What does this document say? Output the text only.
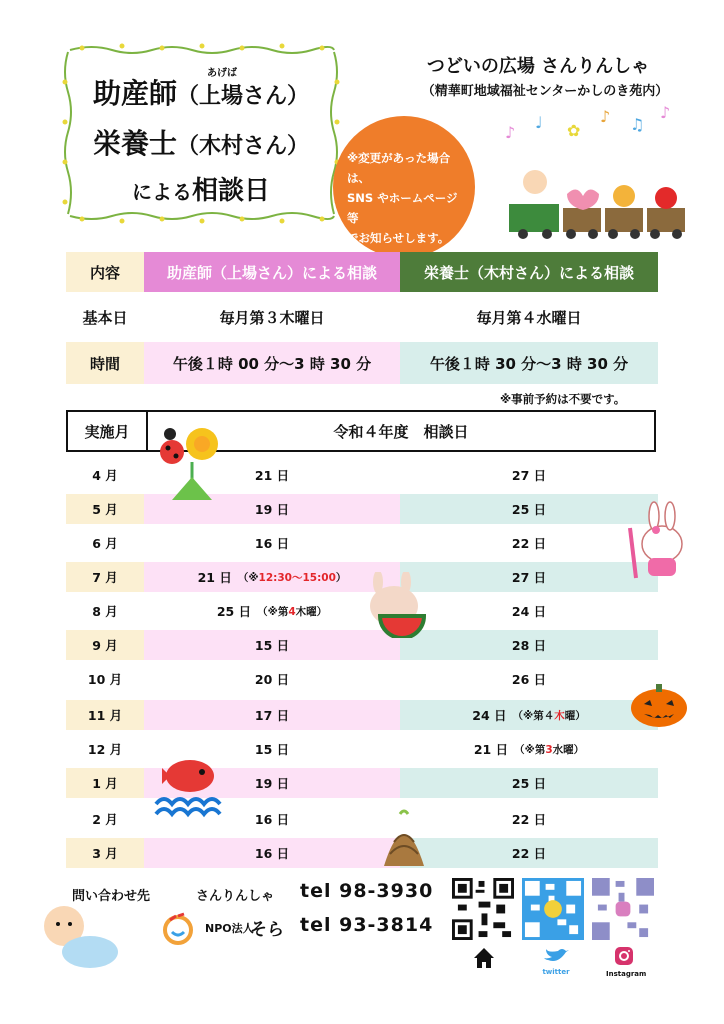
あげば
助産師（上場さん）
栄養士（木村さん）
による相談日
つどいの広場 さんりんしゃ
（精華町地域福祉センターかしのき苑内）
♪
♩ ✿
♪ ♫
♪
※変更があった場合は、
SNS やホームページ等
でお知らせします。
内容	助産師（上場さん）による相談	栄養士（木村さん）による相談
基本日	毎月第３木曜日	毎月第４水曜日
時間	午後１時 00 分～3 時 30 分	午後１時 30 分～3 時 30 分
※事前予約は不要です。
実施月	令和４年度　相談日
4 月	21 日	27 日
5 月	19 日	25 日
6 月	16 日	22 日
7 月	21 日 （※12:30～15:00）	27 日
8 月	25 日 （※第4木曜）	24 日
9 月	15 日	28 日
10 月	20 日	26 日
11 月	17 日	24 日 （※第４木曜）
12 月	15 日	21 日 （※第3水曜）
1 月	19 日	25 日
2 月	16 日	22 日
3 月	16 日	22 日
問い合わせ先	さんりんしゃ tel 98-3930
NPO法人
そら tel 93-3814
twitter	Instagram
